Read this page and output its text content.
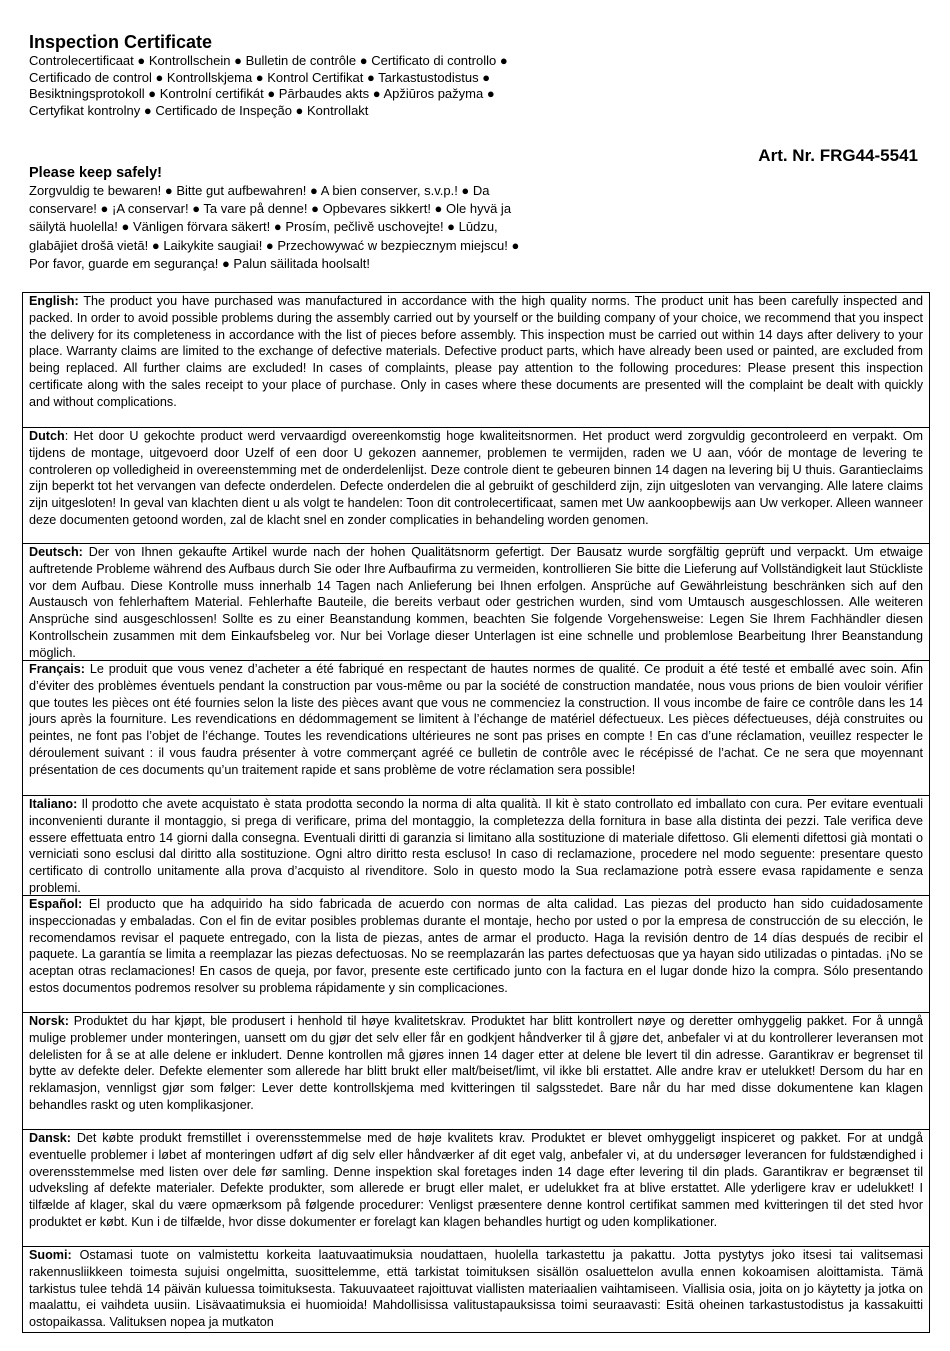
Inspection Certificate
Controlecertificaat ● Kontrollschein ● Bulletin de contrôle ● Certificato di controllo ● Certificado de control ● Kontrollskjema ● Kontrol Certifikat ● Tarkastustodistus ● Besiktningsprotokoll ● Kontrolní certifikát ● Pārbaudes akts ● Apžiūros pažyma ● Certyfikat kontrolny ● Certificado de Inspeção ● Kontrollakt
Art. Nr. FRG44-5541
Please keep safely!
Zorgvuldig te bewaren! ● Bitte gut aufbewahren! ● A bien conserver, s.v.p.! ● Da conservare! ● ¡A conservar! ● Ta vare på denne! ● Opbevares sikkert! ● Ole hyvä ja säilytä huolella! ● Vänligen förvara säkert! ● Prosím, pečlivě uschovejte! ● Lūdzu, glabājiet drošā vietā! ● Laikykite saugiai! ● Przechowywać w bezpiecznym miejscu! ● Por favor, guarde em segurança! ● Palun säilitada hoolsalt!
English: The product you have purchased was manufactured in accordance with the high quality norms. The product unit has been carefully inspected and packed. In order to avoid possible problems during the assembly carried out by yourself or the building company of your choice, we recommend that you inspect the delivery for its completeness in accordance with the list of pieces before assembly. This inspection must be carried out within 14 days after delivery to your place. Warranty claims are limited to the exchange of defective materials. Defective product parts, which have already been used or painted, are excluded from being replaced. All further claims are excluded! In cases of complaints, please pay attention to the following procedures: Please present this inspection certificate along with the sales receipt to your place of purchase. Only in cases where these documents are presented will the complaint be dealt with quickly and without complications.
Dutch: Het door U gekochte product werd vervaardigd overeenkomstig hoge kwaliteitsnormen. Het product werd zorgvuldig gecontroleerd en verpakt. Om tijdens de montage, uitgevoerd door Uzelf of een door U gekozen aannemer, problemen te vermijden, raden we U aan, vóór de montage de levering te controleren op volledigheid in overeenstemming met de onderdelenlijst. Deze controle dient te gebeuren binnen 14 dagen na levering bij U thuis. Garantieclaims zijn beperkt tot het vervangen van defecte onderdelen. Defecte onderdelen die al gebruikt of geschilderd zijn, zijn uitgesloten van vervanging. Alle latere claims zijn uitgesloten! In geval van klachten dient u als volgt te handelen: Toon dit controlecertificaat, samen met Uw aankoopbewijs aan Uw verkoper. Alleen wanneer deze documenten getoond worden, zal de klacht snel en zonder complicaties in behandeling worden genomen.
Deutsch: Der von Ihnen gekaufte Artikel wurde nach der hohen Qualitätsnorm gefertigt. Der Bausatz wurde sorgfältig geprüft und verpackt. Um etwaige auftretende Probleme während des Aufbaus durch Sie oder Ihre Aufbaufirma zu vermeiden, kontrollieren Sie bitte die Lieferung auf Vollständigkeit laut Stückliste vor dem Aufbau. Diese Kontrolle muss innerhalb 14 Tagen nach Anlieferung bei Ihnen erfolgen. Ansprüche auf Gewährleistung beschränken sich auf den Austausch von fehlerhaftem Material. Fehlerhafte Bauteile, die bereits verbaut oder gestrichen wurden, sind vom Umtausch ausgeschlossen. Alle weiteren Ansprüche sind ausgeschlossen! Sollte es zu einer Beanstandung kommen, beachten Sie folgende Vorgehensweise: Legen Sie Ihrem Fachhändler diesen Kontrollschein zusammen mit dem Einkaufsbeleg vor. Nur bei Vorlage dieser Unterlagen ist eine schnelle und problemlose Bearbeitung Ihrer Beanstandung möglich.
Français: Le produit que vous venez d’acheter a été fabriqué en respectant de hautes normes de qualité. Ce produit a été testé et emballé avec soin. Afin d’éviter des problèmes éventuels pendant la construction par vous-même ou par la société de construction mandatée, nous vous prions de bien vouloir vérifier que toutes les pièces ont été fournies selon la liste des pièces avant que vous ne commenciez la construction. Il vous incombe de faire ce contrôle dans les 14 jours après la fourniture. Les revendications en dédommagement se limitent à l’échange de matériel défectueux. Les pièces défectueuses, déjà construites ou peintes, ne font pas l’objet de l’échange. Toutes les revendications ultérieures ne sont pas prises en compte ! En cas d’une réclamation, veuillez respecter le déroulement suivant : il vous faudra présenter à votre commerçant agréé ce bulletin de contrôle avec le récépissé de l’achat. Ce ne sera que moyennant présentation de ces documents qu’un traitement rapide et sans problème de votre réclamation sera possible!
Italiano: Il prodotto che avete acquistato è stata prodotta secondo la norma di alta qualità. Il kit è stato controllato ed imballato con cura. Per evitare eventuali inconvenienti durante il montaggio, si prega di verificare, prima del montaggio, la completezza della fornitura in base alla distinta dei pezzi. Tale verifica deve essere effettuata entro 14 giorni dalla consegna. Eventuali diritti di garanzia si limitano alla sostituzione di materiale difettoso. Gli elementi difettosi già montati o verniciati sono esclusi dal diritto alla sostituzione. Ogni altro diritto resta escluso! In caso di reclamazione, procedere nel modo seguente: presentare questo certificato di controllo unitamente alla prova d’acquisto al rivenditore. Solo in questo modo la Sua reclamazione potrà essere evasa rapidamente e senza problemi.
Español: El producto que ha adquirido ha sido fabricada de acuerdo con normas de alta calidad. Las piezas del producto han sido cuidadosamente inspeccionadas y embaladas. Con el fin de evitar posibles problemas durante el montaje, hecho por usted o por la empresa de construcción de su elección, le recomendamos revisar el paquete entregado, con la lista de piezas, antes de armar el producto. Haga la revisión dentro de 14 días después de recibir el paquete. La garantía se limita a reemplazar las piezas defectuosas. No se reemplazarán las partes defectuosas que ya hayan sido utilizadas o pintadas. ¡No se aceptan otras reclamaciones! En casos de queja, por favor, presente este certificado junto con la factura en el lugar donde hizo la compra. Sólo presentando estos documentos podremos resolver su problema rápidamente y sin complicaciones.
Norsk: Produktet du har kjøpt, ble produsert i henhold til høye kvalitetskrav. Produktet har blitt kontrollert nøye og deretter omhyggelig pakket. For å unngå mulige problemer under monteringen, uansett om du gjør det selv eller får en godkjent håndverker til å gjøre det, anbefaler vi at du kontrollerer leveransen mot delelisten for å se at alle delene er inkludert. Denne kontrollen må gjøres innen 14 dager etter at delene ble levert til din adresse. Garantikrav er begrenset til bytte av defekte deler. Defekte elementer som allerede har blitt brukt eller malt/beiset/limt, vil ikke bli erstattet. Alle andre krav er utelukket! Dersom du har en reklamasjon, vennligst gjør som følger: Lever dette kontrollskjema med kvitteringen til salgsstedet. Bare når du har med disse dokumentene kan klagen behandles raskt og uten komplikasjoner.
Dansk: Det købte produkt fremstillet i overensstemmelse med de høje kvalitets krav. Produktet er blevet omhyggeligt inspiceret og pakket. For at undgå eventuelle problemer i løbet af monteringen udført af dig selv eller håndværker af dit eget valg, anbefaler vi, at du undersøger leverancen for fuldstændighed i overensstemmelse med listen over dele før samling. Denne inspektion skal foretages inden 14 dage efter levering til din plads. Garantikrav er begrænset til udveksling af defekte materialer. Defekte produkter, som allerede er brugt eller malet, er udelukket fra at blive erstattet. Alle yderligere krav er udelukket! I tilfælde af klager, skal du være opmærksom på følgende procedurer: Venligst præsentere denne kontrol certifikat sammen med kvitteringen til det sted hvor produktet er købt. Kun i de tilfælde, hvor disse dokumenter er forelagt kan klagen behandles hurtigt og uden komplikationer.
Suomi: Ostamasi tuote on valmistettu korkeita laatuvaatimuksia noudattaen, huolella tarkastettu ja pakattu. Jotta pystytys joko itsesi tai valitsemasi rakennusliikkeen toimesta sujuisi ongelmitta, suosittelemme, että tarkistat toimituksen sisällön osaluettelon avulla ennen kokoamisen aloittamista. Tämä tarkistus tulee tehdä 14 päivän kuluessa toimituksesta. Takuuvaateet rajoittuvat viallisten materiaalien vaihtamiseen. Viallisia osia, joita on jo käytetty ja jotka on maalattu, ei vaihdeta uusiin. Lisävaatimuksia ei huomioida! Mahdollisissa valitustapauksissa toimi seuraavasti: Esitä oheinen tarkastustodistus ja kassakuitti ostopaikassa. Valituksen nopea ja mutkaton
